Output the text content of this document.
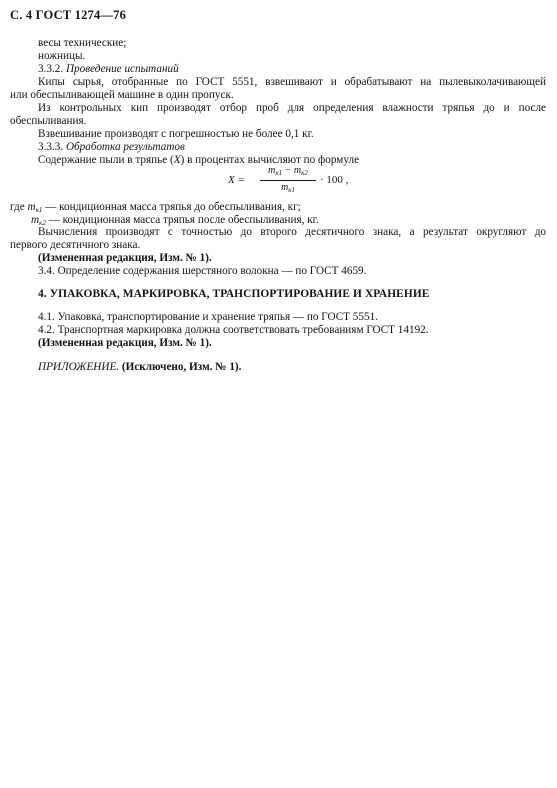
С. 4 ГОСТ 1274—76
весы технические;
ножницы.
3.3.2. Проведение испытаний
Кипы сырья, отобранные по ГОСТ 5551, взвешивают и обрабатывают на пылевыколачивающей
или обеспыливающей машине в один пропуск.
Из контрольных кип производят отбор проб для определения влажности тряпья до и после
обеспыливания.
Взвешивание производят с погрешностью не более 0,1 кг.
3.3.3. Обработка результатов
Содержание пыли в тряпье (X) в процентах вычисляют по формуле
X =
$m_{к1} - m_{к2}$
$m_{к1}$
· 100 ,
где $m_{к1}$ — кондиционная масса тряпья до обеспыливания, кг;
$m_{к2}$ — кондиционная масса тряпья после обеспыливания, кг.
Вычисления производят с точностью до второго десятичного знака, а результат округляют до
первого десятичного знака.
(Измененная редакция, Изм. № 1).
3.4. Определение содержания шерстяного волокна — по ГОСТ 4659.
4. УПАКОВКА, МАРКИРОВКА, ТРАНСПОРТИРОВАНИЕ И ХРАНЕНИЕ
4.1. Упаковка, транспортирование и хранение тряпья — по ГОСТ 5551.
4.2. Транспортная маркировка должна соответствовать требованиям ГОСТ 14192.
(Измененная редакция, Изм. № 1).
ПРИЛОЖЕНИЕ. (Исключено, Изм. № 1).
